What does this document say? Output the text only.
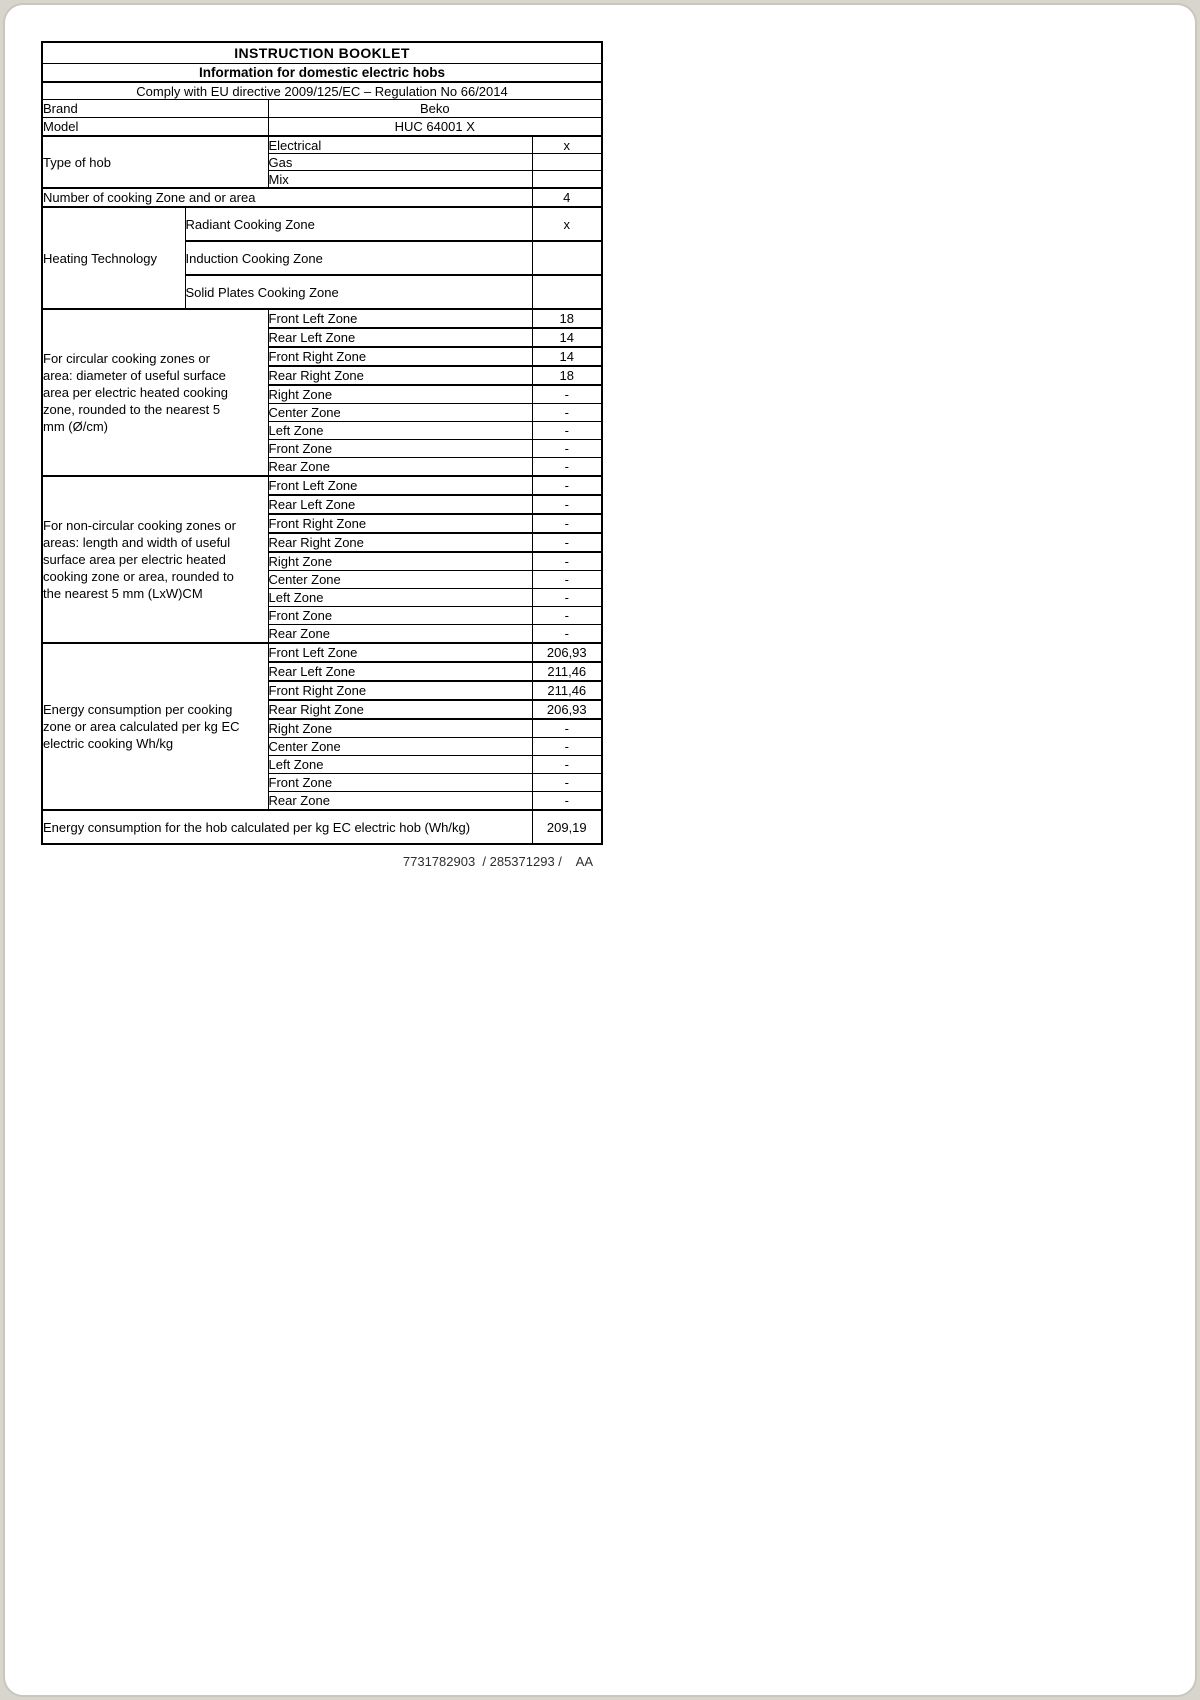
INSTRUCTION BOOKLET			
Information for domestic electric hobs			
Comply with EU directive 2009/125/EC – Regulation No 66/2014			
Brand		Beko	
Model		HUC 64001 X	
Type of hob		Electrical	x
		Gas	
		Mix	
Number of cooking Zone and or area			4
Heating Technology	Radiant Cooking Zone		x
	Induction Cooking Zone		
	Solid Plates Cooking Zone		

For circular cooking zones or
area: diameter of useful surface
area per electric heated cooking
zone, rounded to the nearest 5
mm (Ø/cm)		Front Left Zone	18
		Rear Left Zone	14
		Front Right Zone	14
		Rear Right Zone	18
		Right Zone	-
		Center Zone	-
		Left Zone	-
		Front Zone	-
		Rear Zone	-

For non-circular cooking zones or
areas: length and width of useful
surface area per electric heated
cooking zone or area, rounded to
the nearest 5 mm (LxW)CM		Front Left Zone	-
		Rear Left Zone	-
		Front Right Zone	-
		Rear Right Zone	-
		Right Zone	-
		Center Zone	-
		Left Zone	-
		Front Zone	-
		Rear Zone	-

Energy consumption per cooking
zone or area calculated per kg EC
electric cooking Wh/kg		Front Left Zone	206,93
		Rear Left Zone	211,46
		Front Right Zone	211,46
		Rear Right Zone	206,93
		Right Zone	-
		Center Zone	-
		Left Zone	-
		Front Zone	-
		Rear Zone	-
Energy consumption for the hob calculated per kg EC electric hob (Wh/kg)			209,19
7731782903  / 285371293 /    AA
